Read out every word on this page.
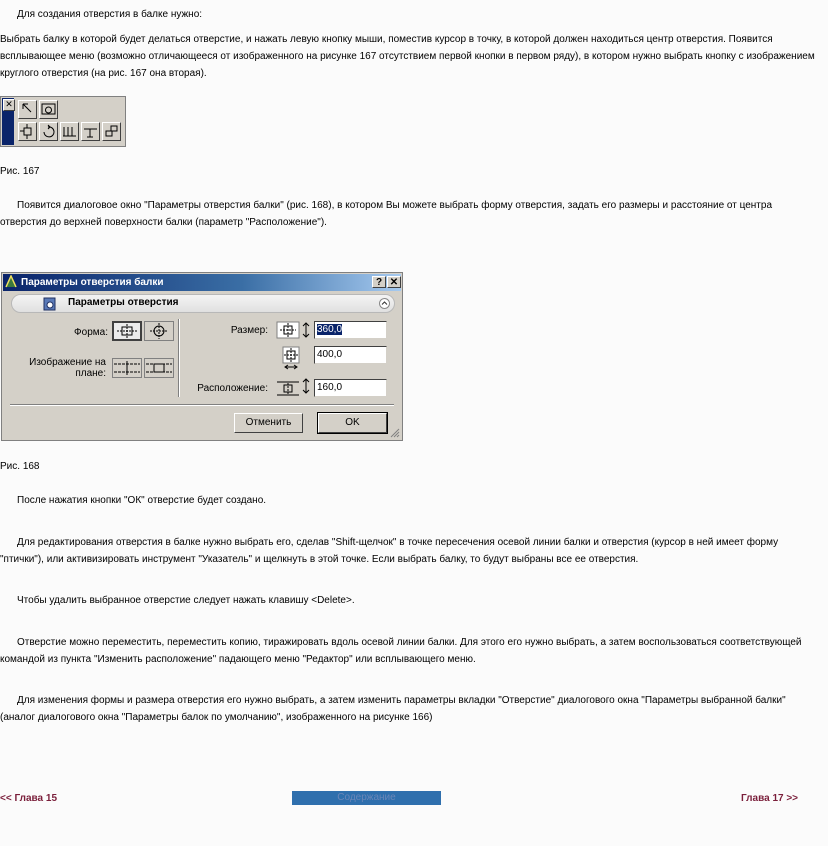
Для создания отверстия в балке нужно:
Выбрать балку в которой будет делаться отверстие, и нажать левую кнопку мыши, поместив курсор в точку, в которой должен находиться центр отверстия. Появится всплывающее меню (возможно отличающееся от изображенного на рисунке 167 отсутствием первой кнопки в первом ряду), в котором нужно выбрать кнопку с изображением круглого отверстия (на рис. 167 она вторая).
✕
Рис. 167
Появится диалоговое окно "Параметры отверстия балки" (рис. 168), в котором Вы можете выбрать форму отверстия, задать его размеры и расстояние от центра отверстия до верхней поверхности балки (параметр "Расположение").
Параметры отверстия балки	? ✕
Параметры отверстия
Форма:
Изображение на плане:
Размер:	360,0
400,0
Расположение:	160,0
Отменить	OK
Рис. 168
После нажатия кнопки "ОК" отверстие будет создано.
Для редактирования отверстия в балке нужно выбрать его, сделав "Shift-щелчок" в точке пересечения осевой линии балки и отверстия (курсор в ней имеет форму "птички"), или активизировать инструмент "Указатель" и щелкнуть в этой точке. Если выбрать балку, то будут выбраны все ее отверстия.
Чтобы удалить выбранное отверстие следует нажать клавишу <Delete>.
Отверстие можно переместить, переместить копию, тиражировать вдоль осевой линии балки. Для этого его нужно выбрать, а затем воспользоваться соответствующей командой из пункта "Изменить расположение" падающего меню "Редактор" или всплывающего меню.
Для изменения формы и размера отверстия его нужно выбрать, а затем изменить параметры вкладки "Отверстие" диалогового окна "Параметры выбранной балки" (аналог диалогового окна "Параметры балок по умолчанию", изображенного на рисунке 166)
<< Глава 15	Содержание	Глава 17 >>
